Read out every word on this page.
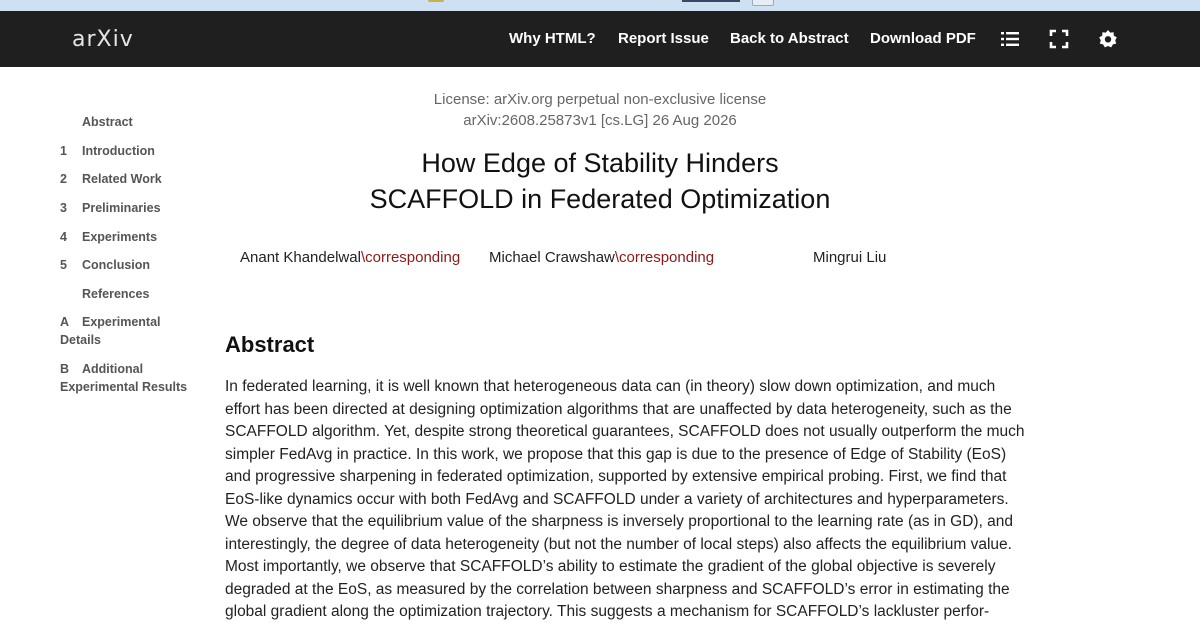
arXiv	Why HTML? Report Issue Back to Abstract Download PDF
Abstract
1 Introduction
2 Related Work
3 Preliminaries
4 Experiments
5 Conclusion
References
A Experimental
Details
B Additional
Experimental Results
License: arXiv.org perpetual non-exclusive license
arXiv:2608.25873v1 [cs.LG] 26 Aug 2026
How Edge of Stability Hinders
SCAFFOLD in Federated Optimization
Anant Khandelwal\corresponding Michael Crawshaw\corresponding	Mingrui Liu
Abstract
In federated learning, it is well known that heterogeneous data can (in theory) slow down optimization, and much
effort has been directed at designing optimization algorithms that are unaffected by data heterogeneity, such as the
SCAFFOLD algorithm. Yet, despite strong theoretical guarantees, SCAFFOLD does not usually outperform the much
simpler FedAvg in practice. In this work, we propose that this gap is due to the presence of Edge of Stability (EoS)
and progressive sharpening in federated optimization, supported by extensive empirical probing. First, we find that
EoS-like dynamics occur with both FedAvg and SCAFFOLD under a variety of architectures and hyperparameters.
We observe that the equilibrium value of the sharpness is inversely proportional to the learning rate (as in GD), and
interestingly, the degree of data heterogeneity (but not the number of local steps) also affects the equilibrium value.
Most importantly, we observe that SCAFFOLD’s ability to estimate the gradient of the global objective is severely
degraded at the EoS, as measured by the correlation between sharpness and SCAFFOLD’s error in estimating the
global gradient along the optimization trajectory. This suggests a mechanism for SCAFFOLD’s lackluster perfor-
